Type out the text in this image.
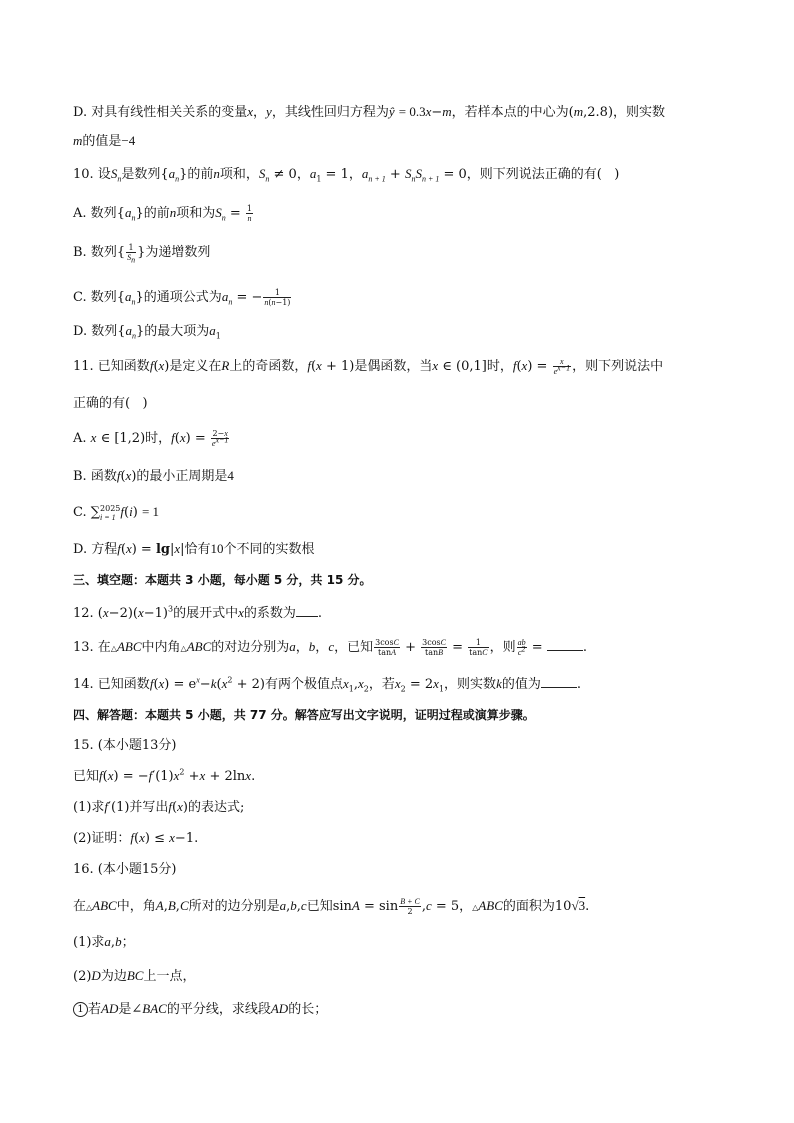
D. 对具有线性相关关系的变量x，y，其线性回归方程为ŷ = 0.3x−m，若样本点的中心为(m,2.8)，则实数
m的值是−4
10. 设$S_n$是数列$\{a_n\}$的前n项和，$S_n \ne 0$，$a_1 = 1$，$a_{n + 1} + S_nS_{n + 1} = 0$，则下列说法正确的有(   )
A. 数列$\{a_n\}$的前n项和为$S_n = \frac{1}{n}$
B. 数列{ $\frac{1}{S_n}$ }为递增数列
C. 数列$\{a_n\}$的通项公式为$a_n$ = − $\frac{1}{n(n-1)}$
D. 数列$\{a_n\}$的最大项为$a_1$
11. 已知函数f(x)是定义在R上的奇函数，f(x + 1)是偶函数，当x ∈ (0,1]时，$f(x) = \frac{x}{e^{x-1}}$ ，则下列说法中
正确的有(   )
A. x ∈ [1,2)时，$f(x) = \frac{2-x}{e^{x-1}}$
B. 函数f(x)的最小正周期是4
C. ∑ 2025
i = 1 f(i) = 1
D. 方程f(x) = lg|x|恰有10个不同的实数根
三、填空题：本题共 3 小题，每小题 5 分，共 15 分。
12. $(x-2)(x-1)^3$的展开式中x的系数为 .
13. 在△ABC中内角△ABC的对边分别为a，b，c，已知 $\frac{3\cos C}{\tan A} + \frac{3\cos C}{\tan B} = \frac{1}{\tan C}$ ，则 $\frac{ab}{c^2}$ =	.
14. 已知函数$f(x) = e^x-k(x^2 + 2)$有两个极值点$x_1,x_2$，若$x_2 = 2x_1$，则实数k的值为	.
四、解答题：本题共 5 小题，共 77 分。解答应写出文字说明，证明过程或演算步骤。
15. (本小题13分)
已知$f(x) = -f'(1)x^2 +x + 2\ln x$.
(1)求f′(1)并写出f(x)的表达式;
(2)证明：f(x) ≤ x−1.
16. (本小题15分)
在△ABC中，角A,B,C所对的边分别是a,b,c已知$\sin A = \sin \frac{B + C}{2} ,c = 5$，△ABC的面积为10√3.
(1)求a,b；
(2)D为边BC上一点，
1 若AD是∠BAC的平分线，求线段AD的长；
